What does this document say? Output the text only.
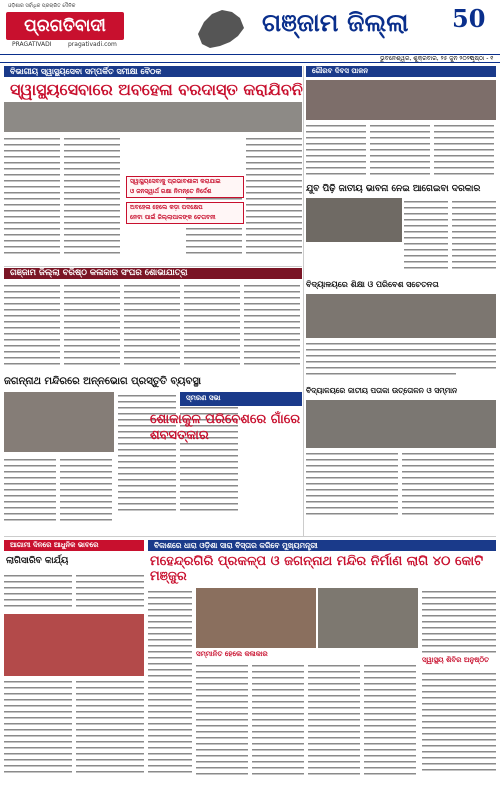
ଓଡ଼ିଶାର ସର୍ବାଧିକ ପ୍ରଚାରିତ ଦୈନିକ
ପ୍ରଗତିବାଦୀ
PRAGATIVADI	pragativadi.com
ଗଞ୍ଜାମ ଜିଲ୍ଲା 50
ଭୁବନେଶ୍ୱର, ଶୁକ୍ରବାର, ୨୫ ଜୁନ ୨୦୨୧
ପୃଷ୍ଠା - ୧
ବିଭାଗୀୟ ସ୍ୱାସ୍ଥ୍ୟସେବା ସମ୍ପର୍କିତ ସମୀକ୍ଷା ବୈଠକ
ସ୍ୱାସ୍ଥ୍ୟସେବାରେ ଅବହେଳା ବରଦାସ୍ତ କରାଯିବନି
ସ୍ୱାସ୍ଥ୍ୟସେବାକୁ ପ୍ରଭାବଶାଳୀ କରାଯାଇ
ଓ ଜନସ୍ୱାର୍ଥ ରକ୍ଷା ନିମନ୍ତେ ନିର୍ଦ୍ଦେଶ
ଅବହେଳା ହେଲେ କଡ଼ା ପଦକ୍ଷେପ
ନେବା ପାଇଁ ଜିଲ୍ଲାପାଳଙ୍କ ଚେତାବନୀ
ଗୌରବ ଦିବସ ପାଳନ
ଯୁବ ପିଢ଼ି ଜାତୀୟ ଭାବନା ନେଇ ଆଗେଇବା ଦରକାର
ଗଞ୍ଜାମ ଜିଲ୍ଲା ବରିଷ୍ଠ କଳାକାର ସଂଘର ଶୋଭାଯାତ୍ରା
ବିଦ୍ୟାଳୟରେ ଶିକ୍ଷା ଓ ପରିବେଶ ସଚେତନତା
ଜଗନ୍ନାଥ ମନ୍ଦିରରେ ଅନ୍ନଭୋଗ ପ୍ରସ୍ତୁତି ବ୍ୟବସ୍ଥା
ସ୍ମରଣ ସଭା
ବିଦ୍ୟାଳୟରେ ଜାତୀୟ ପତାକା ଉତ୍ତୋଳନ ଓ ସମ୍ମାନ
ଶୋକାକୁଳ ପରିବେଶରେ ଗାଁରେ ଶବସତ୍କାର
ଆଗାମୀ ଦିନରେ ଆଧୁନିକ ଭାବରେ
ଲାଗିସାରିବ କାର୍ଯ୍ୟ
ବିକାଶରେ ଧାରା ଓଡ଼ିଶା ସାରା ବିସ୍ତାର କରିବେ ମୁଖ୍ୟମନ୍ତ୍ରୀ
ମହେନ୍ଦ୍ରଗିରି ପ୍ରକଳ୍ପ ଓ ଜଗନ୍ନାଥ ମନ୍ଦିର ନିର୍ମାଣ ଲାଗି ୪୦ କୋଟି ମଞ୍ଜୁର
ସମ୍ମାନିତ ହେଲେ କଳାକାର
ସ୍ୱାସ୍ଥ୍ୟ ଶିବିର ଅନୁଷ୍ଠିତ
